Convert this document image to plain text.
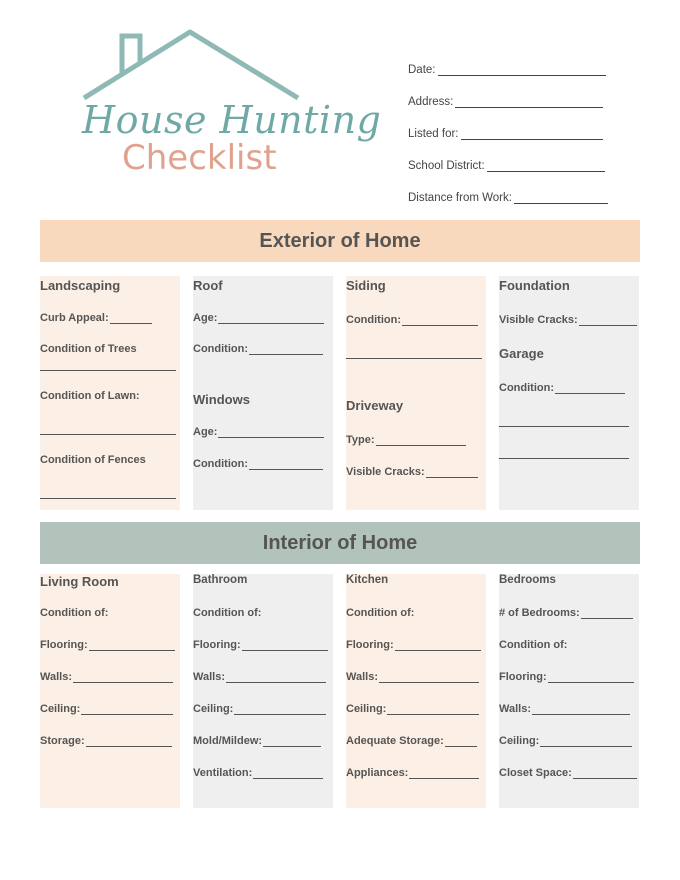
House Hunting
Checklist
Date:
Address:
Listed for:
School District:
Distance from Work:
Exterior of Home
Landscaping
Curb Appeal:
Condition of Trees
Condition of Lawn:
Condition of Fences
Roof
Age:
Condition:
Windows
Age:
Condition:
Siding
Condition:
Driveway
Type:
Visible Cracks:
Foundation
Visible Cracks:
Garage
Condition:
Interior of Home
Living Room
Condition of:
Flooring:
Walls:
Ceiling:
Storage:
Bathroom
Condition of:
Flooring:
Walls:
Ceiling:
Mold/Mildew:
Ventilation:
Kitchen
Condition of:
Flooring:
Walls:
Ceiling:
Adequate Storage:
Appliances:
Bedrooms
# of Bedrooms:
Condition of:
Flooring:
Walls:
Ceiling:
Closet Space:
